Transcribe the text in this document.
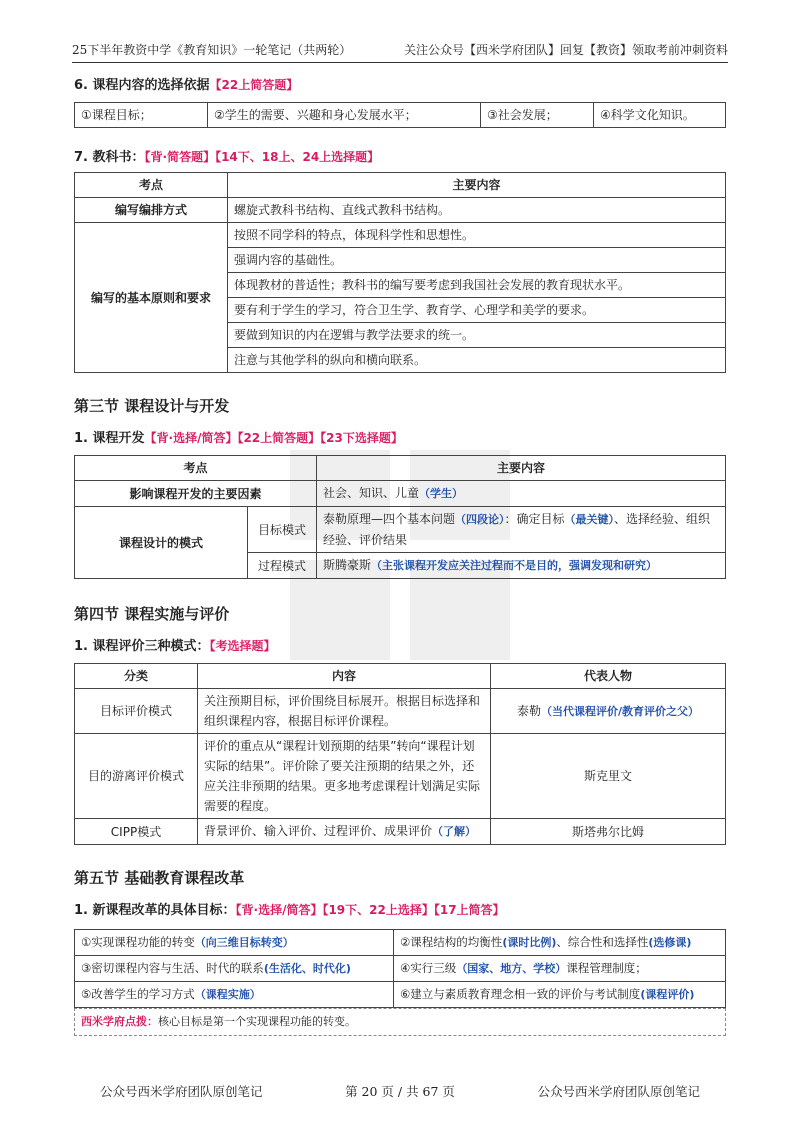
25下半年教资中学《教育知识》一轮笔记（共两轮）	关注公众号【西米学府团队】回复【教资】领取考前冲刺资料

6. 课程内容的选择依据【22上简答题】

①课程目标；	②学生的需要、兴趣和身心发展水平；	③社会发展；	④科学文化知识。

7. 教科书：【背·简答题】【14下、18上、24上选择题】

考点	主要内容
编写编排方式	螺旋式教科书结构、直线式教科书结构。
编写的基本原则和要求	按照不同学科的特点，体现科学性和思想性。
	强调内容的基础性。
	体现教材的普适性；教科书的编写要考虑到我国社会发展的教育现状水平。
	要有利于学生的学习，符合卫生学、教育学、心理学和美学的要求。
	要做到知识的内在逻辑与教学法要求的统一。
	注意与其他学科的纵向和横向联系。

第三节 课程设计与开发

1. 课程开发【背·选择/简答】【22上简答题】【23下选择题】

考点		主要内容
影响课程开发的主要因素		社会、知识、儿童（学生）
课程设计的模式	目标模式	泰勒原理—四个基本问题（四段论）：确定目标（最关键）、选择经验、组织经验、评价结果
	过程模式	斯腾豪斯（主张课程开发应关注过程而不是目的，强调发现和研究）

第四节 课程实施与评价

1. 课程评价三种模式：【考选择题】

分类	内容	代表人物
目标评价模式	关注预期目标，评价围绕目标展开。根据目标选择和组织课程内容，根据目标评价课程。	泰勒（当代课程评价/教育评价之父）
目的游离评价模式	评价的重点从“课程计划预期的结果”转向“课程计划实际的结果”。评价除了要关注预期的结果之外，还应关注非预期的结果。更多地考虑课程计划满足实际需要的程度。	斯克里文
CIPP模式	背景评价、输入评价、过程评价、成果评价（了解）	斯塔弗尔比姆

第五节 基础教育课程改革

1. 新课程改革的具体目标：【背·选择/简答】【19下、22上选择】【17上简答】

①实现课程功能的转变（向三维目标转变）	②课程结构的均衡性(课时比例)、综合性和选择性(选修课)
③密切课程内容与生活、时代的联系(生活化、时代化)	④实行三级（国家、地方、学校）课程管理制度；
⑤改善学生的学习方式（课程实施）	⑥建立与素质教育理念相一致的评价与考试制度(课程评价)
西米学府点拨：核心目标是第一个实现课程功能的转变。
公众号西米学府团队原创笔记	第 20 页 / 共 67 页	公众号西米学府团队原创笔记
